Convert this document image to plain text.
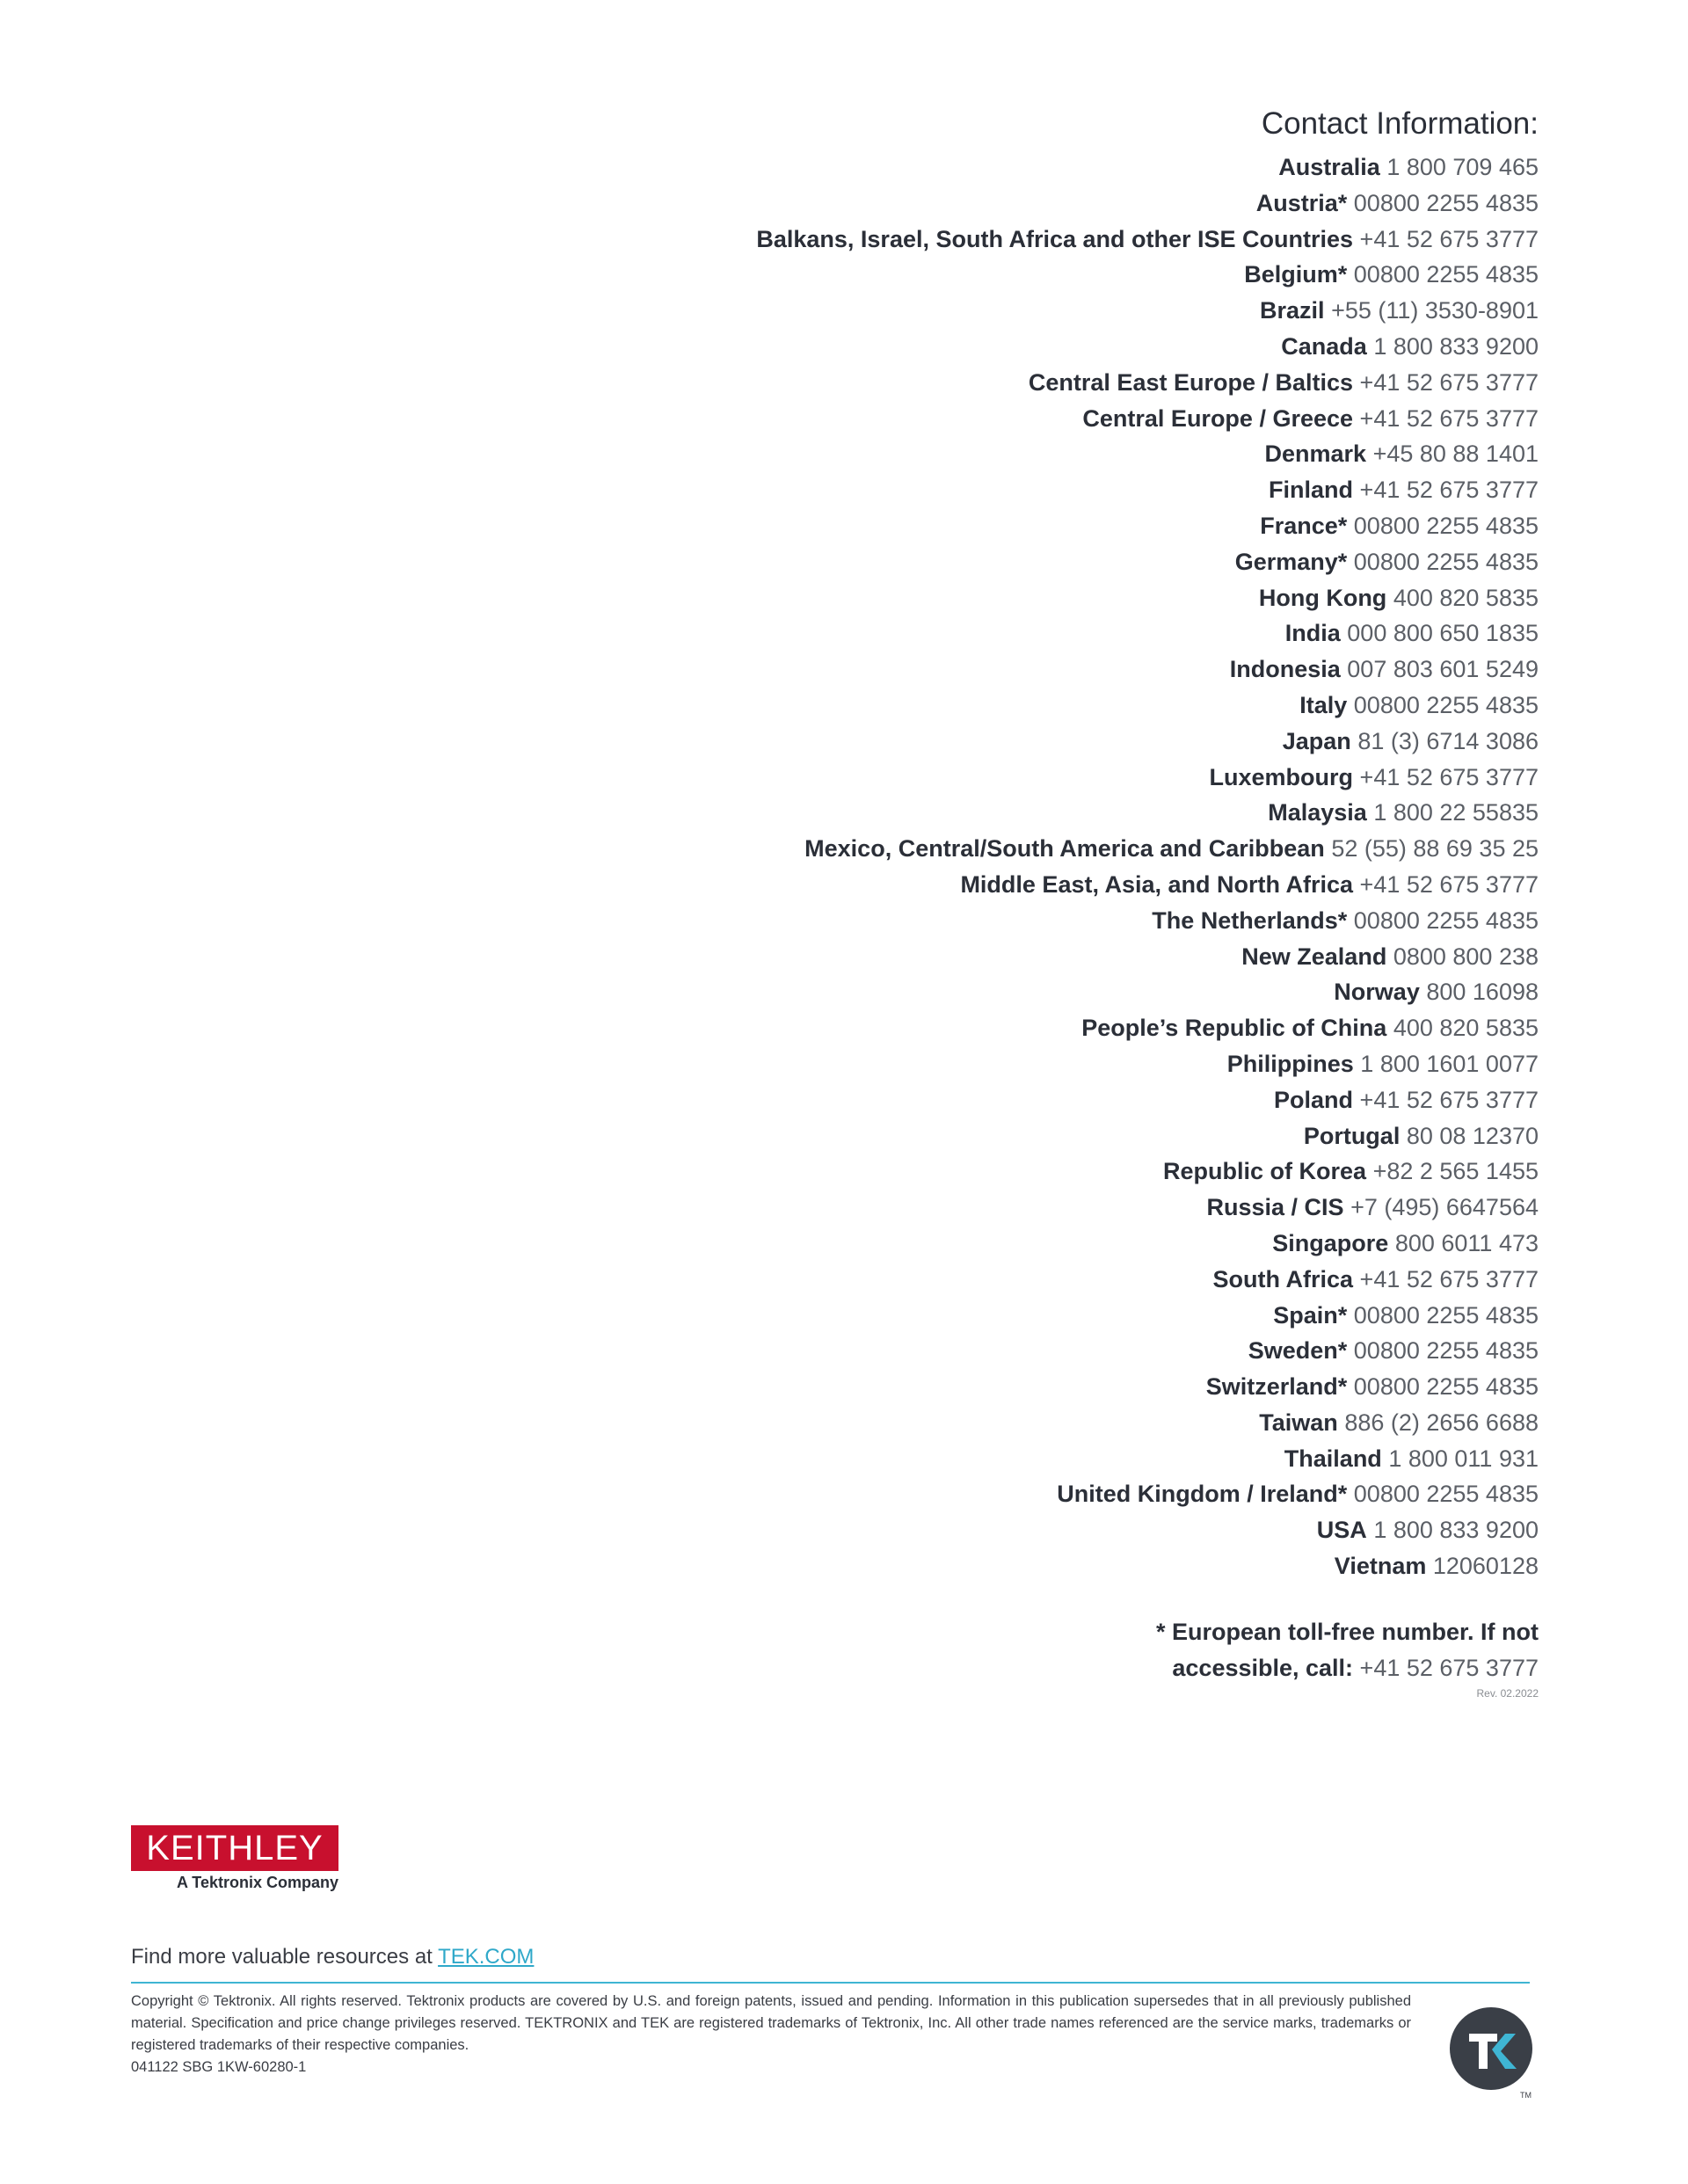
Contact Information:
Australia 1 800 709 465
Austria* 00800 2255 4835
Balkans, Israel, South Africa and other ISE Countries +41 52 675 3777
Belgium* 00800 2255 4835
Brazil +55 (11) 3530-8901
Canada 1 800 833 9200
Central East Europe / Baltics +41 52 675 3777
Central Europe / Greece +41 52 675 3777
Denmark +45 80 88 1401
Finland +41 52 675 3777
France* 00800 2255 4835
Germany* 00800 2255 4835
Hong Kong 400 820 5835
India 000 800 650 1835
Indonesia 007 803 601 5249
Italy 00800 2255 4835
Japan 81 (3) 6714 3086
Luxembourg +41 52 675 3777
Malaysia 1 800 22 55835
Mexico, Central/South America and Caribbean 52 (55) 88 69 35 25
Middle East, Asia, and North Africa +41 52 675 3777
The Netherlands* 00800 2255 4835
New Zealand 0800 800 238
Norway 800 16098
People’s Republic of China 400 820 5835
Philippines 1 800 1601 0077
Poland +41 52 675 3777
Portugal 80 08 12370
Republic of Korea +82 2 565 1455
Russia / CIS +7 (495) 6647564
Singapore 800 6011 473
South Africa +41 52 675 3777
Spain* 00800 2255 4835
Sweden* 00800 2255 4835
Switzerland* 00800 2255 4835
Taiwan 886 (2) 2656 6688
Thailand 1 800 011 931
United Kingdom / Ireland* 00800 2255 4835
USA 1 800 833 9200
Vietnam 12060128
* European toll-free number. If not
accessible, call: +41 52 675 3777
Rev. 02.2022
KEITHLEY
A Tektronix Company
Find more valuable resources at TEK.COM
Copyright © Tektronix. All rights reserved. Tektronix products are covered by U.S. and foreign patents, issued and pending. Information in this publication supersedes that in all previously published material. Specification and price change privileges reserved. TEKTRONIX and TEK are registered trademarks of Tektronix, Inc. All other trade names referenced are the service marks, trademarks or registered trademarks of their respective companies.
041122 SBG 1KW-60280-1
TM
